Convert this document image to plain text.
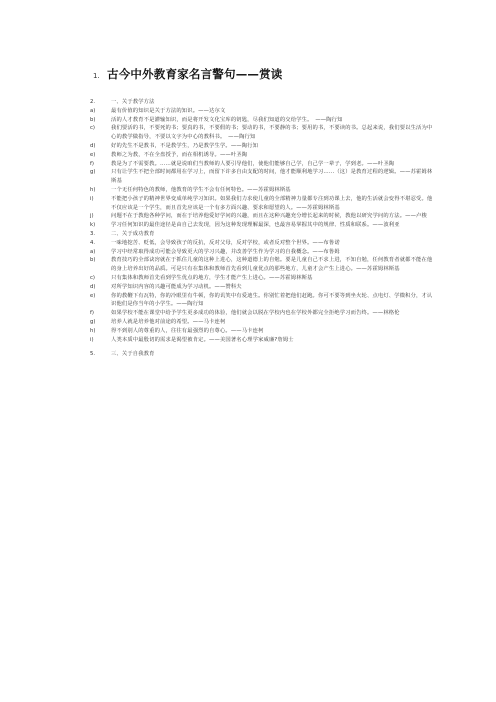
1. 古今中外教育家名言警句——赏读
2.	一、关于教学方法
a)	最有价值的知识是关于方法的知识。——达尔文
b)	活的人才教育不是灌输知识，而是将开发文化宝库的钥匙，尽我们知道的交给学生。　——陶行知
c)	我们要活的书，不要死的书；要真的书，不要假的书；要动的书，不要静的书；要用的书，不要读的书。总起来说，我们要以生活为中心的教学做指导，不要以文字为中心的教科书。　——陶行知
d)	好的先生不是教书，不是教学生，乃是教学生学。——陶行知
e)	教师之为教，不在全盘授予，而在相机诱导。——叶圣陶
f)	教是为了不需要教。……就是说咱们当教师的人要引导他们，使他们能够自己学，自己学一辈子，学到老。——叶圣陶
g)	只有让学生不把全部时间都用在学习上，而留下许多自由支配的时间，他才能顺利地学习……（这）是教育过程的逻辑。——苏霍姆林斯基
h)	一个无任何特色的教师，他教育的学生不会有任何特色。——苏霍姆林斯基
i)	不能把小孩子的精神世界变成单纯学习知识。如果我们力求使儿童的全部精神力量都专注到功课上去，他的生活就会变得不堪忍受。他不仅应该是一个学生，而且首先应该是一个有多方面兴趣、要求和愿望的人。——苏霍姆林斯基
j)	问题不在于教他各种学问，而在于培养他爱好学问的兴趣，而且在这种兴趣充分增长起来的时候，教他以研究学问的方法。——卢梭
k)	学习任何知识的最佳途径是由自己去发现，因为这种发现理解最深，也最容易掌握其中的规律、性质和联系。——波利亚
3.	二、关于成功教育
4.	一味地挖苦、贬低，会导致孩子的反抗，反对父母，反对学校，或者反对整个世界。——布鲁诺
a)	学习中经常取得成功可能会导致更大的学习兴趣，并改善学生作为学习的自我概念。——布鲁姆
b)	教育技巧的全部诀窍就在于抓住儿童的这种上进心，这种道德上的自勉。要是儿童自己不求上进，不知自勉，任何教育者就都不能在他的身上培养出好的品质。可是只有在集体和教师首先看到儿童优点的那些地方，儿童才会产生上进心。——苏霍姆林斯基
c)	只有集体和教师首先看到学生优点的地方，学生才能产生上进心。——苏霍姆林斯基
d)	对所学知识内容的兴趣可能成为学习动机。——赞科夫
e)	你的教鞭下有瓦特，你的冷眼里有牛顿，你的讥笑中有爱迪生。你别忙着把他们赶跑。你可不要等到坐火轮、点电灯、学微积分，才认识他们是你当年的小学生。——陶行知
f)	如果学校不能在课堂中给予学生更多成功的体验，他们就会以脱在学校内也在学校外都完全拒绝学习而告终。——林格伦
g)	培养人就是培养他对前途的希望。——马卡连柯
h)	得不到别人的尊重的人，往往有最强烈的自尊心。——马卡连柯
i)	人类本质中最殷切的需求是渴望被肯定。——美国著名心理学家威廉?詹姆士
5.	三、关于自我教育
